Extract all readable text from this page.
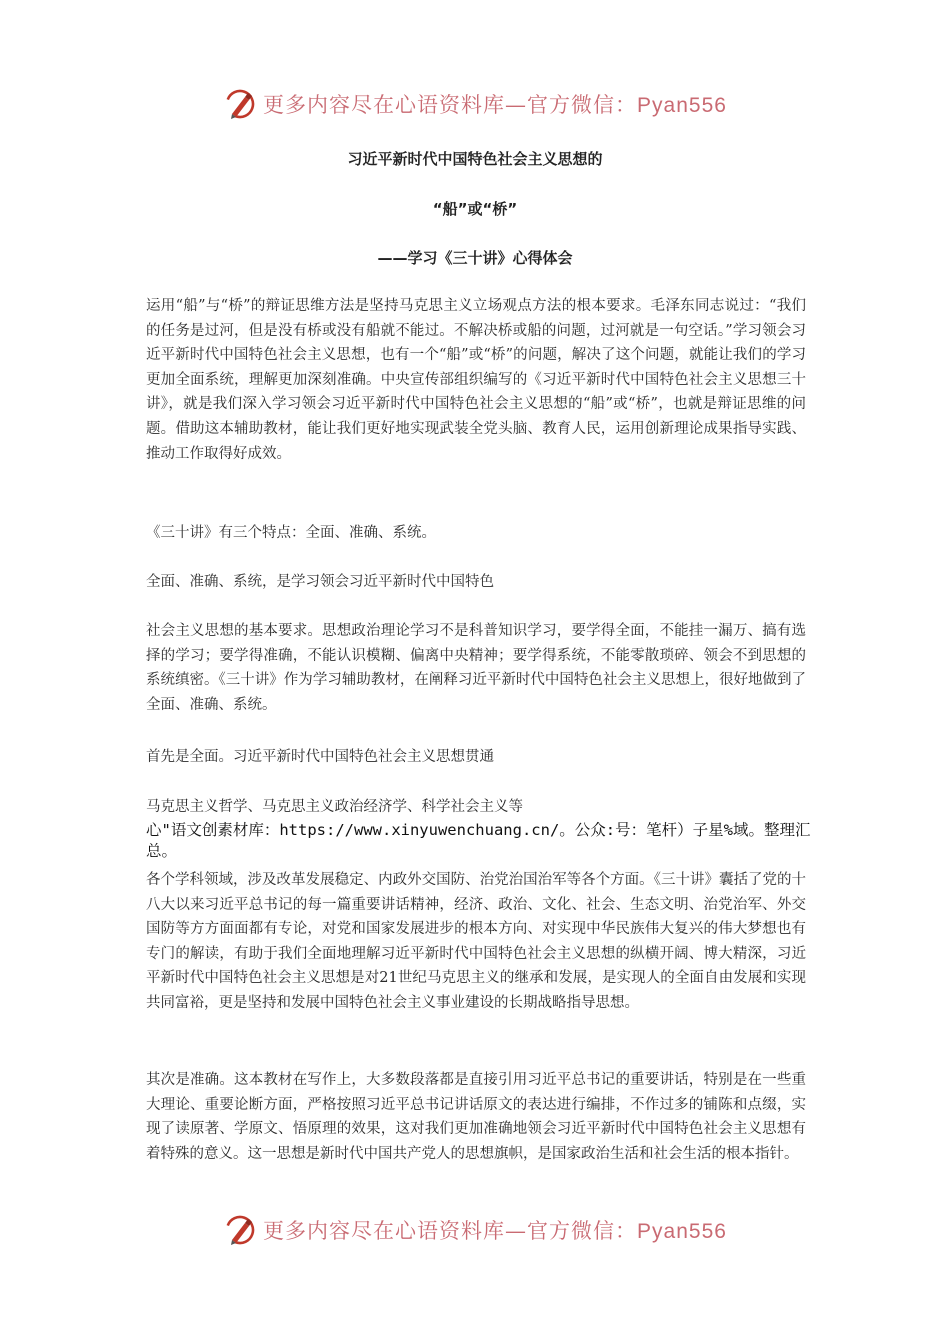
更多内容尽在心语资料库—官方微信：Pyan556
习近平新时代中国特色社会主义思想的
“船”或“桥”
——学习《三十讲》心得体会

运用“船”与“桥”的辩证思维方法是坚持马克思主义立场观点方法的根本要求。毛泽东同志说过：“我们的任务是过河，但是没有桥或没有船就不能过。不解决桥或船的问题，过河就是一句空话。”学习领会习近平新时代中国特色社会主义思想，也有一个“船”或“桥”的问题，解决了这个问题，就能让我们的学习更加全面系统，理解更加深刻准确。中央宣传部组织编写的《习近平新时代中国特色社会主义思想三十讲》，就是我们深入学习领会习近平新时代中国特色社会主义思想的“船”或“桥”，也就是辩证思维的问题。借助这本辅助教材，能让我们更好地实现武装全党头脑、教育人民，运用创新理论成果指导实践、推动工作取得好成效。

《三十讲》有三个特点：全面、准确、系统。
全面、准确、系统，是学习领会习近平新时代中国特色

社会主义思想的基本要求。思想政治理论学习不是科普知识学习，要学得全面，不能挂一漏万、搞有选择的学习；要学得准确，不能认识模糊、偏离中央精神；要学得系统，不能零散琐碎、领会不到思想的系统缜密。《三十讲》作为学习辅助教材，在阐释习近平新时代中国特色社会主义思想上，很好地做到了全面、准确、系统。

首先是全面。习近平新时代中国特色社会主义思想贯通
马克思主义哲学、马克思主义政治经济学、科学社会主义等

心"语文创素材库：https://www.xinyuwenchuang.cn/。公众:号：笔杆）子星%域。整理汇总。

各个学科领域，涉及改革发展稳定、内政外交国防、治党治国治军等各个方面。《三十讲》囊括了党的十八大以来习近平总书记的每一篇重要讲话精神，经济、政治、文化、社会、生态文明、治党治军、外交国防等方方面面都有专论，对党和国家发展进步的根本方向、对实现中华民族伟大复兴的伟大梦想也有专门的解读，有助于我们全面地理解习近平新时代中国特色社会主义思想的纵横开阔、博大精深，习近平新时代中国特色社会主义思想是对21世纪马克思主义的继承和发展，是实现人的全面自由发展和实现共同富裕，更是坚持和发展中国特色社会主义事业建设的长期战略指导思想。

其次是准确。这本教材在写作上，大多数段落都是直接引用习近平总书记的重要讲话，特别是在一些重大理论、重要论断方面，严格按照习近平总书记讲话原文的表达进行编排，不作过多的铺陈和点缀，实现了读原著、学原文、悟原理的效果，这对我们更加准确地领会习近平新时代中国特色社会主义思想有着特殊的意义。这一思想是新时代中国共产党人的思想旗帜，是国家政治生活和社会生活的根本指针。

更多内容尽在心语资料库—官方微信：Pyan556
